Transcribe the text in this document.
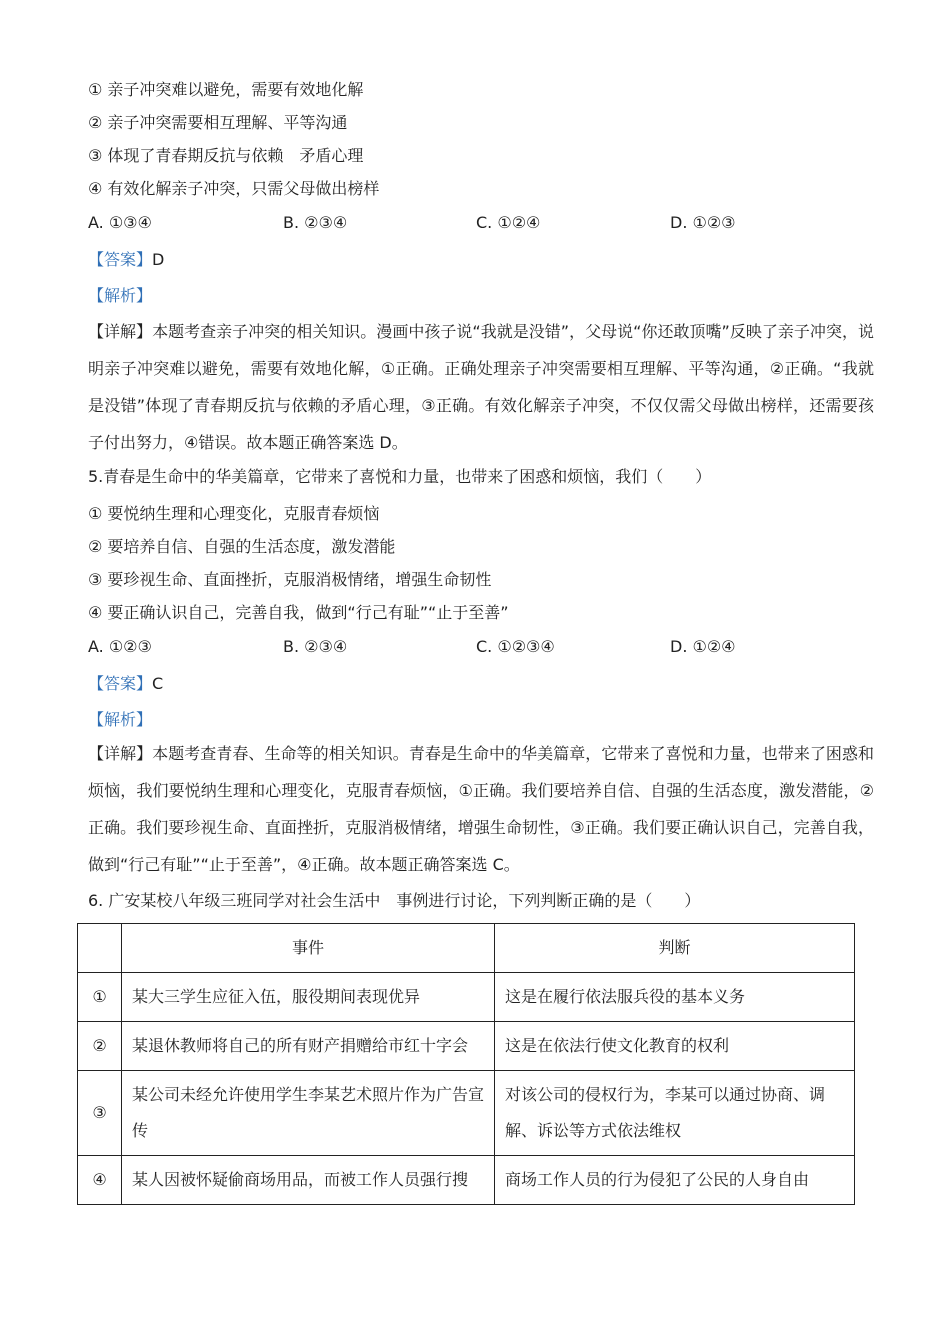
① 亲子冲突难以避免，需要有效地化解
② 亲子冲突需要相互理解、平等沟通
③ 体现了青春期反抗与依赖　矛盾心理
④ 有效化解亲子冲突，只需父母做出榜样
A. ①③④	B. ②③④	C. ①②④	D. ①②③
【答案】D
【解析】
【详解】本题考查亲子冲突的相关知识。漫画中孩子说“我就是没错”，父母说“你还敢顶嘴”反映了亲子冲突，说明亲子冲突难以避免，需要有效地化解，①正确。正确处理亲子冲突需要相互理解、平等沟通，②正确。“我就是没错”体现了青春期反抗与依赖的矛盾心理，③正确。有效化解亲子冲突，不仅仅需父母做出榜样，还需要孩子付出努力，④错误。故本题正确答案选 D。
5.青春是生命中的华美篇章，它带来了喜悦和力量，也带来了困惑和烦恼，我们（　　）
① 要悦纳生理和心理变化，克服青春烦恼
② 要培养自信、自强的生活态度，激发潜能
③ 要珍视生命、直面挫折，克服消极情绪，增强生命韧性
④ 要正确认识自己，完善自我，做到“行己有耻”“止于至善”
A. ①②③	B. ②③④	C. ①②③④	D. ①②④
【答案】C
【解析】
【详解】本题考查青春、生命等的相关知识。青春是生命中的华美篇章，它带来了喜悦和力量，也带来了困惑和烦恼，我们要悦纳生理和心理变化，克服青春烦恼，①正确。我们要培养自信、自强的生活态度，激发潜能，②正确。我们要珍视生命、直面挫折，克服消极情绪，增强生命韧性，③正确。我们要正确认识自己，完善自我，做到“行己有耻”“止于至善”，④正确。故本题正确答案选 C。
6. 广安某校八年级三班同学对社会生活中　事例进行讨论，下列判断正确的是（　　）
	事件	判断
①	某大三学生应征入伍，服役期间表现优异	这是在履行依法服兵役的基本义务
②	某退休教师将自己的所有财产捐赠给市红十字会	这是在依法行使文化教育的权利
③	某公司未经允许使用学生李某艺术照片作为广告宣传	对该公司的侵权行为，李某可以通过协商、调解、诉讼等方式依法维权
④	某人因被怀疑偷商场用品，而被工作人员强行搜	商场工作人员的行为侵犯了公民的人身自由
